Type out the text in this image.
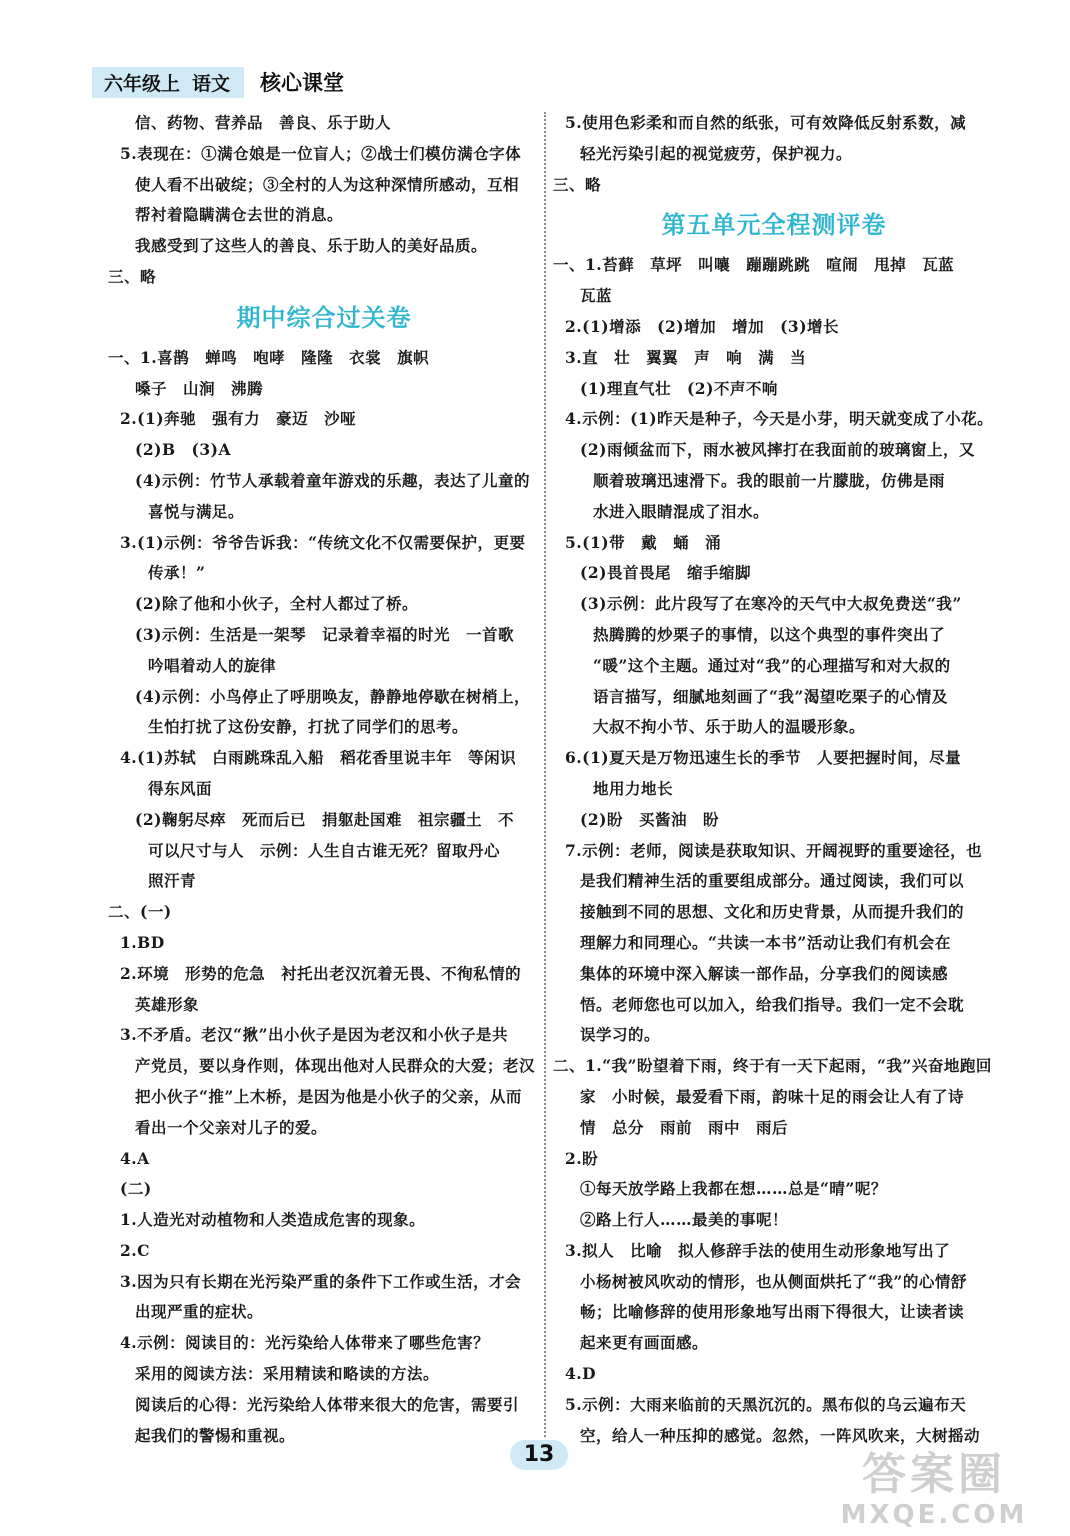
六年级上 语文 核心课堂
信、药物、营养品　善良、乐于助人
5.表现在：①满仓娘是一位盲人；②战士们模仿满仓字体
使人看不出破绽；③全村的人为这种深情所感动，互相
帮衬着隐瞒满仓去世的消息。
我感受到了这些人的善良、乐于助人的美好品质。
三、略
期中综合过关卷
一、1.喜鹊　蝉鸣　咆哮　隆隆　衣裳　旗帜
嗓子　山涧　沸腾
2.(1)奔驰　强有力　豪迈　沙哑
(2)B　(3)A
(4)示例：竹节人承载着童年游戏的乐趣，表达了儿童的
喜悦与满足。
3.(1)示例：爷爷告诉我：“传统文化不仅需要保护，更要
传承！”
(2)除了他和小伙子，全村人都过了桥。
(3)示例：生活是一架琴　记录着幸福的时光　一首歌
吟唱着动人的旋律
(4)示例：小鸟停止了呼朋唤友，静静地停歇在树梢上，
生怕打扰了这份安静，打扰了同学们的思考。
4.(1)苏轼　白雨跳珠乱入船　稻花香里说丰年　等闲识
得东风面
(2)鞠躬尽瘁　死而后已　捐躯赴国难　祖宗疆土　不
可以尺寸与人　示例：人生自古谁无死？留取丹心
照汗青
二、(一)
1.BD
2.环境　形势的危急　衬托出老汉沉着无畏、不徇私情的
英雄形象
3.不矛盾。老汉“揪”出小伙子是因为老汉和小伙子是共
产党员，要以身作则，体现出他对人民群众的大爱；老汉
把小伙子“推”上木桥，是因为他是小伙子的父亲，从而
看出一个父亲对儿子的爱。
4.A
(二)
1.人造光对动植物和人类造成危害的现象。
2.C
3.因为只有长期在光污染严重的条件下工作或生活，才会
出现严重的症状。
4.示例：阅读目的：光污染给人体带来了哪些危害？
采用的阅读方法：采用精读和略读的方法。
阅读后的心得：光污染给人体带来很大的危害，需要引
起我们的警惕和重视。
5.使用色彩柔和而自然的纸张，可有效降低反射系数，减
轻光污染引起的视觉疲劳，保护视力。
三、略
第五单元全程测评卷
一、1.苔藓　草坪　叫嚷　蹦蹦跳跳　喧闹　甩掉　瓦蓝
瓦蓝
2.(1)增添　(2)增加　增加　(3)增长
3.直　壮　翼翼　声　响　满　当
(1)理直气壮　(2)不声不响
4.示例：(1)昨天是种子，今天是小芽，明天就变成了小花。
(2)雨倾盆而下，雨水被风摔打在我面前的玻璃窗上，又
顺着玻璃迅速滑下。我的眼前一片朦胧，仿佛是雨
水进入眼睛混成了泪水。
5.(1)带　戴　蛹　涌
(2)畏首畏尾　缩手缩脚
(3)示例：此片段写了在寒冷的天气中大叔免费送“我”
热腾腾的炒栗子的事情，以这个典型的事件突出了
“暖”这个主题。通过对“我”的心理描写和对大叔的
语言描写，细腻地刻画了“我”渴望吃栗子的心情及
大叔不拘小节、乐于助人的温暖形象。
6.(1)夏天是万物迅速生长的季节　人要把握时间，尽量
地用力地长
(2)盼　买酱油　盼
7.示例：老师，阅读是获取知识、开阔视野的重要途径，也
是我们精神生活的重要组成部分。通过阅读，我们可以
接触到不同的思想、文化和历史背景，从而提升我们的
理解力和同理心。“共读一本书”活动让我们有机会在
集体的环境中深入解读一部作品，分享我们的阅读感
悟。老师您也可以加入，给我们指导。我们一定不会耽
误学习的。
二、1.“我”盼望着下雨，终于有一天下起雨，“我”兴奋地跑回
家　小时候，最爱看下雨，韵味十足的雨会让人有了诗
情　总分　雨前　雨中　雨后
2.盼
①每天放学路上我都在想……总是“晴”呢？
②路上行人……最美的事呢！
3.拟人　比喻　拟人修辞手法的使用生动形象地写出了
小杨树被风吹动的情形，也从侧面烘托了“我”的心情舒
畅；比喻修辞的使用形象地写出雨下得很大，让读者读
起来更有画面感。
4.D
5.示例：大雨来临前的天黑沉沉的。黑布似的乌云遍布天
空，给人一种压抑的感觉。忽然，一阵风吹来，大树摇动
13	答案圈
MXQE.COM
